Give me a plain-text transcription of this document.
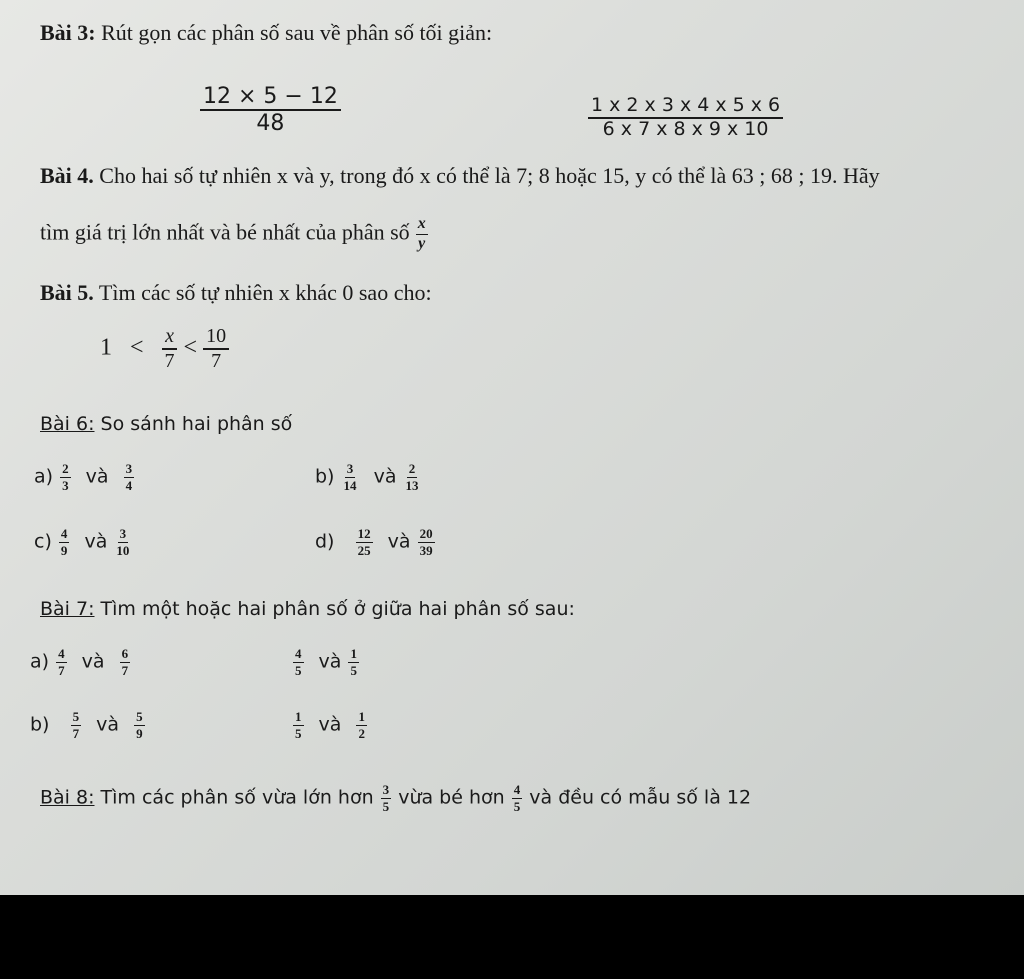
Bài 3: Rút gọn các phân số sau về phân số tối giản:
$\frac{12 \times 5 - 12}{48}$	$\frac{1 x 2 x 3 x 4 x 5 x 6}{6 x 7 x 8 x 9 x 10}$
Bài 4. Cho hai số tự nhiên x và y, trong đó x có thể là 7; 8 hoặc 15, y có thể là 63 ; 68 ; 19. Hãy
tìm giá trị lớn nhất và bé nhất của phân số $\frac{x}{y}$
Bài 5. Tìm các số tự nhiên x khác 0 sao cho:
$1 < \frac{x}{7} < \frac{10}{7}$
Bài 6: So sánh hai phân số
$a) \frac{2}{3}$ và $\frac{3}{4}$	$b) \frac{3}{14}$ và $\frac{2}{13}$
$c) \frac{4}{9}$ và $\frac{3}{10}$	$d) \frac{12}{25}$ và $\frac{20}{39}$
Bài 7: Tìm một hoặc hai phân số ở giữa hai phân số sau:
$a) \frac{4}{7}$ và $\frac{6}{7}$	$\frac{4}{5}$ và $\frac{1}{5}$
$b) \frac{5}{7}$ và $\frac{5}{9}$	$\frac{1}{5}$ và $\frac{1}{2}$
Bài 8: Tìm các phân số vừa lớn hơn $\frac{3}{5}$ vừa bé hơn $\frac{4}{5}$ và đều có mẫu số là 12
